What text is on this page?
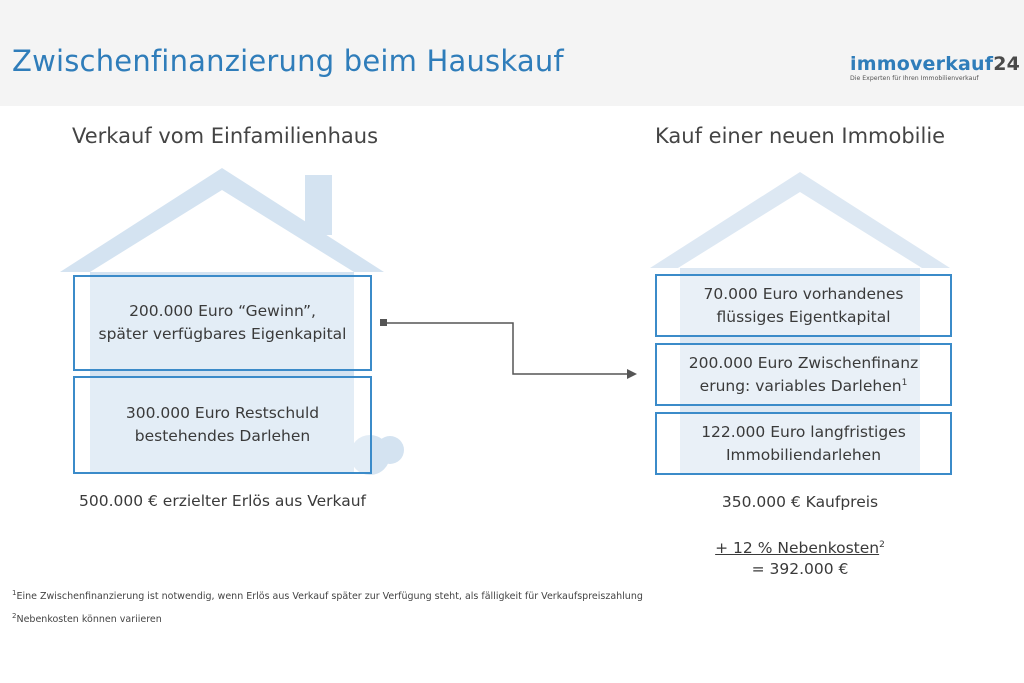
Zwischenfinanzierung beim Hauskauf	immoverkauf24
Die Experten für Ihren Immobilienverkauf
Verkauf vom Einfamilienhaus	Kauf einer neuen Immobilie
200.000 Euro “Gewinn”,
später verfügbares Eigenkapital
300.000 Euro Restschuld
bestehendes Darlehen
500.000 € erzielter Erlös aus Verkauf
70.000 Euro vorhandenes
flüssiges Eigentkapital
200.000 Euro Zwischenfinanz
erung: variables Darlehen$^1$
122.000 Euro langfristiges
Immobiliendarlehen
350.000 € Kaufpreis
+ 12 % Nebenkosten$^2$
= 392.000 €
$^1$Eine Zwischenfinanzierung ist notwendig, wenn Erlös aus Verkauf später zur Verfügung steht, als fälligkeit für Verkaufspreiszahlung
$^2$Nebenkosten können variieren
